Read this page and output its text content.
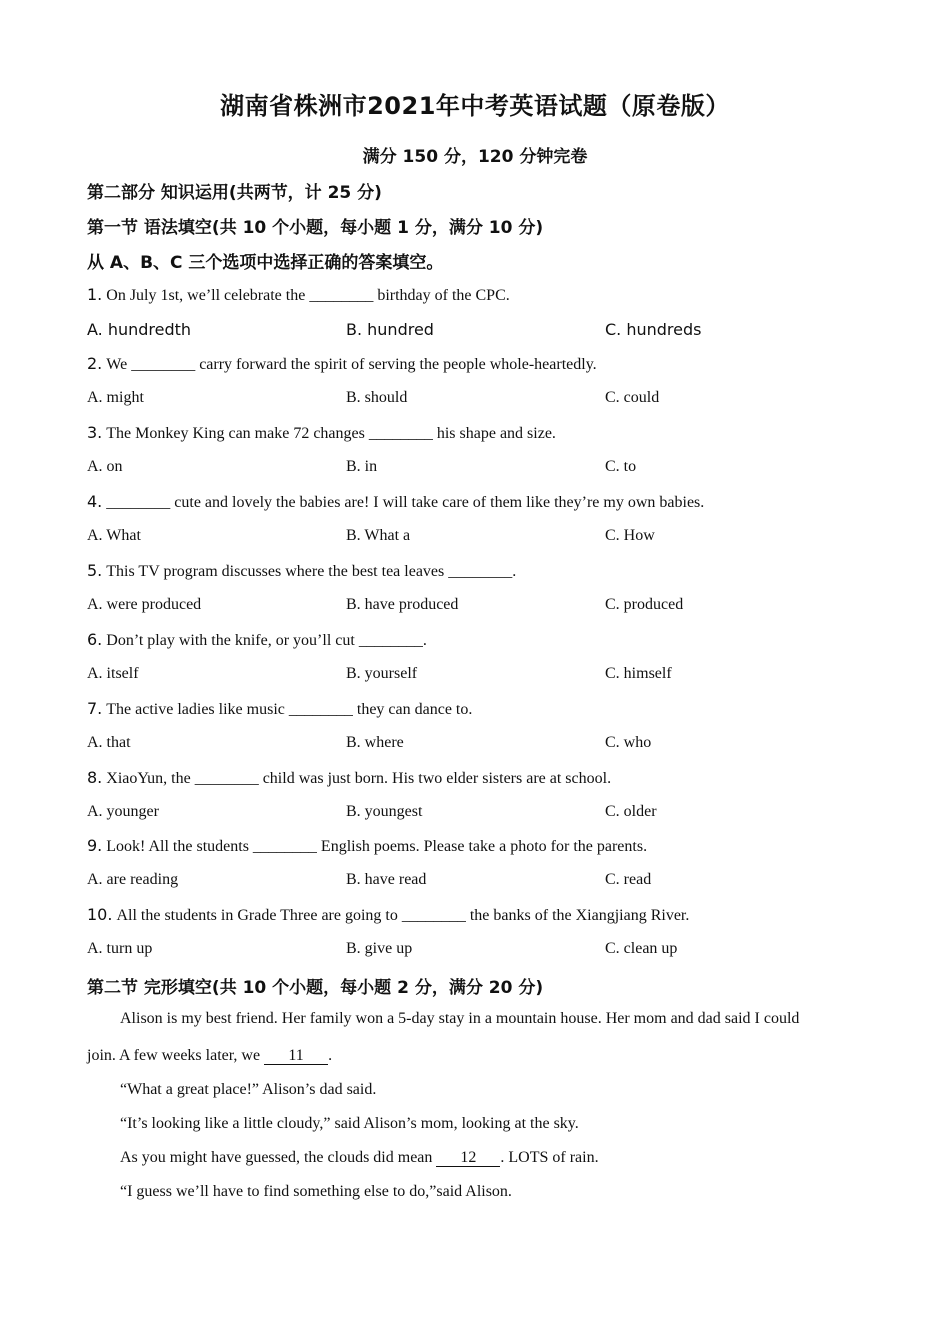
湖南省株洲市2021年中考英语试题（原卷版）
满分 150 分，120 分钟完卷
第二部分 知识运用(共两节，计 25 分)
第一节 语法填空(共 10 个小题，每小题 1 分，满分 10 分)
从 A、B、C 三个选项中选择正确的答案填空。
1. On July 1st, we’ll celebrate the ________ birthday of the CPC.
A. hundredth	B. hundred	C. hundreds
2. We ________ carry forward the spirit of serving the people whole-heartedly.
A. might	B. should	C. could
3. The Monkey King can make 72 changes ________ his shape and size.
A. on	B. in	C. to
4. ________ cute and lovely the babies are! I will take care of them like they’re my own babies.
A. What	B. What a	C. How
5. This TV program discusses where the best tea leaves ________.
A. were produced	B. have produced	C. produced
6. Don’t play with the knife, or you’ll cut ________.
A. itself	B. yourself	C. himself
7. The active ladies like music ________ they can dance to.
A. that	B. where	C. who
8. XiaoYun, the ________ child was just born. His two elder sisters are at school.
A. younger	B. youngest	C. older
9. Look! All the students ________ English poems. Please take a photo for the parents.
A. are reading	B. have read	C. read
10. All the students in Grade Three are going to ________ the banks of the Xiangjiang River.
A. turn up	B. give up	C. clean up
第二节 完形填空(共 10 个小题，每小题 2 分，满分 20 分)
Alison is my best friend. Her family won a 5-day stay in a mountain house. Her mom and dad said I could
join. A few weeks later, we 11 .
“What a great place!” Alison’s dad said.
“It’s looking like a little cloudy,” said Alison’s mom, looking at the sky.
As you might have guessed, the clouds did mean 12 . LOTS of rain.
“I guess we’ll have to find something else to do,”said Alison.
